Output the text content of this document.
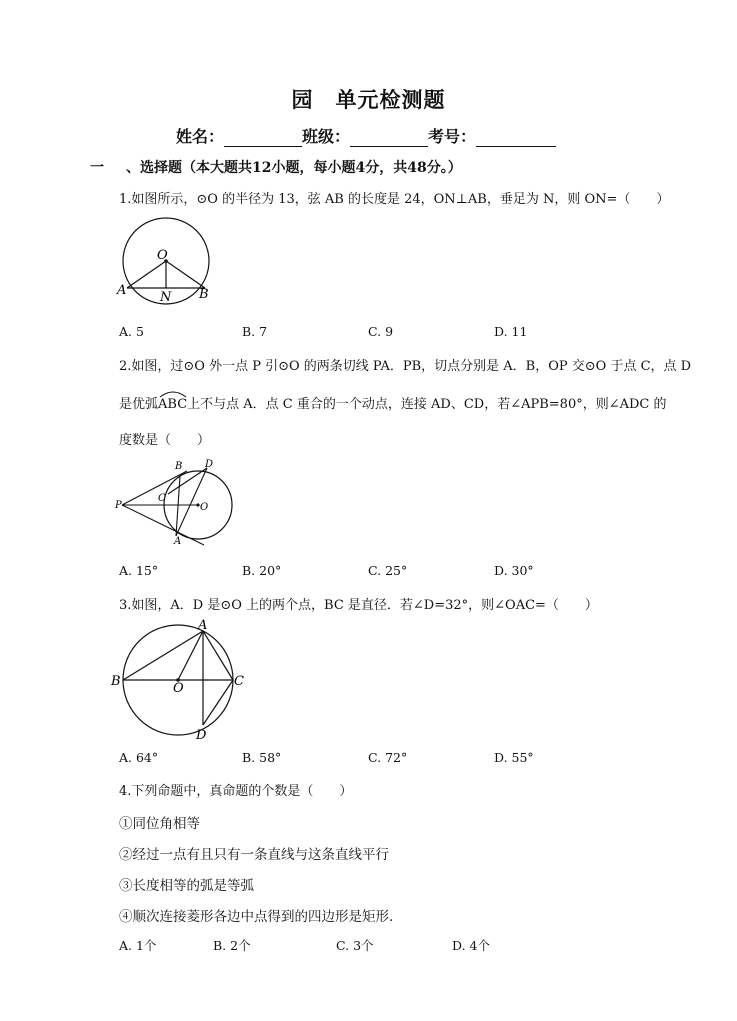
园 单元检测题
姓名：	班级：	考号：
一 、选择题（本大题共12小题，每小题4分，共48分。）
1.如图所示，⊙O 的半径为 13，弦 AB 的长度是 24，ON⊥AB，垂足为 N，则 ON=（　　）
O
A	N B
A. 5	B. 7	C. 9	D. 11
2.如图，过⊙O 外一点 P 引⊙O 的两条切线 PA．PB，切点分别是 A．B，OP 交⊙O 于点 C，点 D
是优弧
ABC上不与点 A．点 C 重合的一个动点，连接 AD、CD，若∠APB=80°，则∠ADC 的
度数是（　　）
B D
P
C
O
A
A. 15°	B. 20°	C. 25°	D. 30°
3.如图，A．D 是⊙O 上的两个点，BC 是直径．若∠D=32°，则∠OAC=（　　）
A
B	O	C
D
A. 64°	B. 58°	C. 72°	D. 55°
4.下列命题中，真命题的个数是（　　）
①同位角相等
②经过一点有且只有一条直线与这条直线平行
③长度相等的弧是等弧
④顺次连接菱形各边中点得到的四边形是矩形．
A. 1个	B. 2个	C. 3个	D. 4个
